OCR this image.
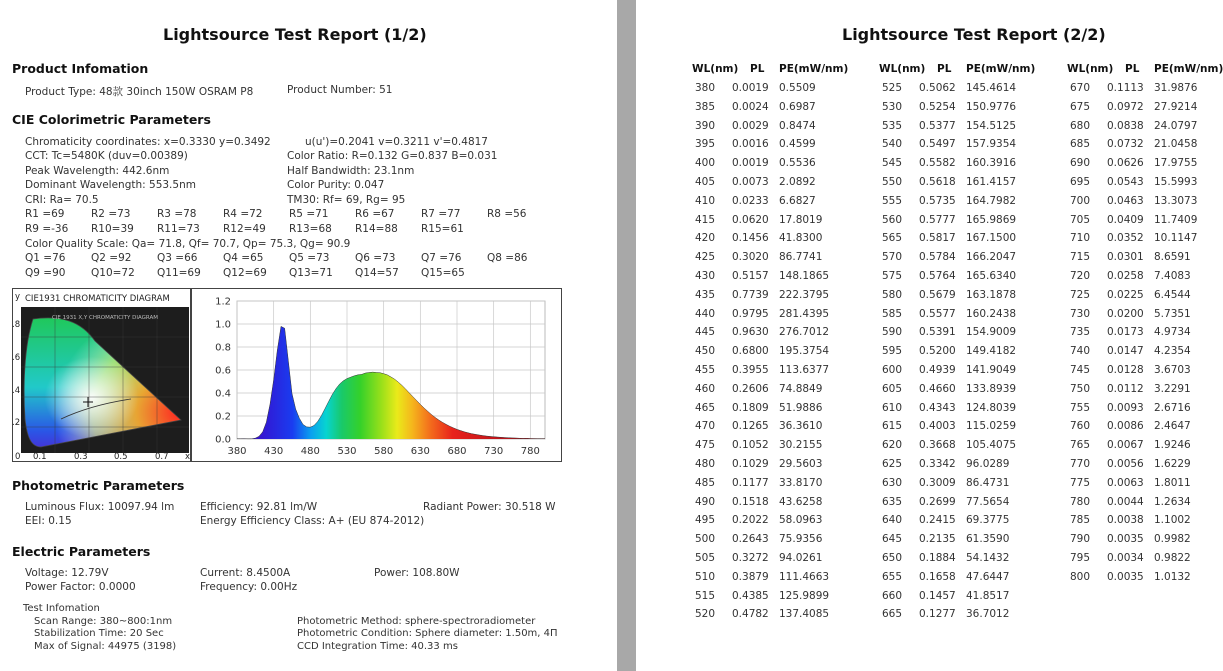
Lightsource Test Report (1/2)
Product Infomation
Product Type: 48款 30inch 150W OSRAM P8	Product Number: 51
CIE Colorimetric Parameters
Chromaticity coordinates: x=0.3330 y=0.3492	u(u')=0.2041 v=0.3211 v'=0.4817
CCT: Tc=5480K (duv=0.00389)	Color Ratio: R=0.132 G=0.837 B=0.031
Peak Wavelength: 442.6nm	Half Bandwidth: 23.1nm
Dominant Wavelength: 553.5nm	Color Purity: 0.047
CRI: Ra= 70.5	TM30: Rf= 69, Rg= 95
R1 =69	R2 =73	R3 =78	R4 =72	R5 =71	R6 =67	R7 =77	R8 =56
R9 =-36 R10=39 R11=73 R12=49 R13=68 R14=88 R15=61
Color Quality Scale: Qa= 71.8, Qf= 70.7, Qp= 75.3, Qg= 90.9
Q1 =76 Q2 =92 Q3 =66 Q4 =65 Q5 =73 Q6 =73 Q7 =76 Q8 =86
Q9 =90 Q10=72 Q11=69 Q12=69 Q13=71 Q14=57 Q15=65
y CIE1931 CHROMATICITY DIAGRAM
.8
.6
.4
.2
CIE 1931 X,Y CHROMATICITY DIAGRAM
0 0.1	0.3	0.5	0.7 x
0.0
0.2
0.4
0.6
0.8
1.0
1.2
380 430 480 530 580 630 680 730 780
Photometric Parameters
Luminous Flux: 10097.94 lm Efficiency: 92.81 lm/W	Radiant Power: 30.518 W
EEI: 0.15	Energy Efficiency Class: A+ (EU 874-2012)
Electric Parameters
Voltage: 12.79V	Current: 8.4500A	Power: 108.80W
Power Factor: 0.0000	Frequency: 0.00Hz
Test Infomation
Scan Range: 380~800:1nm
Stabilization Time: 20 Sec
Max of Signal: 44975 (3198)
Photometric Method: sphere-spectroradiometer
Photometric Condition: Sphere diameter: 1.50m, 4Π
CCD Integration Time: 40.33 ms
Lightsource Test Report (2/2)
WL(nm) PL PE(mW/nm)	WL(nm) PL PE(mW/nm)	WL(nm) PL PE(mW/nm)
380 0.0019 0.5509
385 0.0024 0.6987
390 0.0029 0.8474
395 0.0016 0.4599
400 0.0019 0.5536
405 0.0073 2.0892
410 0.0233 6.6827
415 0.0620 17.8019
420 0.1456 41.8300
425 0.3020 86.7741
430 0.5157 148.1865
435 0.7739 222.3795
440 0.9795 281.4395
445 0.9630 276.7012
450 0.6800 195.3754
455 0.3955 113.6377
460 0.2606 74.8849
465 0.1809 51.9886
470 0.1265 36.3610
475 0.1052 30.2155
480 0.1029 29.5603
485 0.1177 33.8170
490 0.1518 43.6258
495 0.2022 58.0963
500 0.2643 75.9356
505 0.3272 94.0261
510 0.3879 111.4663
515 0.4385 125.9899
520 0.4782 137.4085
525 0.5062 145.4614
530 0.5254 150.9776
535 0.5377 154.5125
540 0.5497 157.9354
545 0.5582 160.3916
550 0.5618 161.4157
555 0.5735 164.7982
560 0.5777 165.9869
565 0.5817 167.1500
570 0.5784 166.2047
575 0.5764 165.6340
580 0.5679 163.1878
585 0.5577 160.2438
590 0.5391 154.9009
595 0.5200 149.4182
600 0.4939 141.9049
605 0.4660 133.8939
610 0.4343 124.8039
615 0.4003 115.0259
620 0.3668 105.4075
625 0.3342 96.0289
630 0.3009 86.4731
635 0.2699 77.5654
640 0.2415 69.3775
645 0.2135 61.3590
650 0.1884 54.1432
655 0.1658 47.6447
660 0.1457 41.8517
665 0.1277 36.7012
670 0.1113 31.9876
675 0.0972 27.9214
680 0.0838 24.0797
685 0.0732 21.0458
690 0.0626 17.9755
695 0.0543 15.5993
700 0.0463 13.3073
705 0.0409 11.7409
710 0.0352 10.1147
715 0.0301 8.6591
720 0.0258 7.4083
725 0.0225 6.4544
730 0.0200 5.7351
735 0.0173 4.9734
740 0.0147 4.2354
745 0.0128 3.6703
750 0.0112 3.2291
755 0.0093 2.6716
760 0.0086 2.4647
765 0.0067 1.9246
770 0.0056 1.6229
775 0.0063 1.8011
780 0.0044 1.2634
785 0.0038 1.1002
790 0.0035 0.9982
795 0.0034 0.9822
800 0.0035 1.0132
